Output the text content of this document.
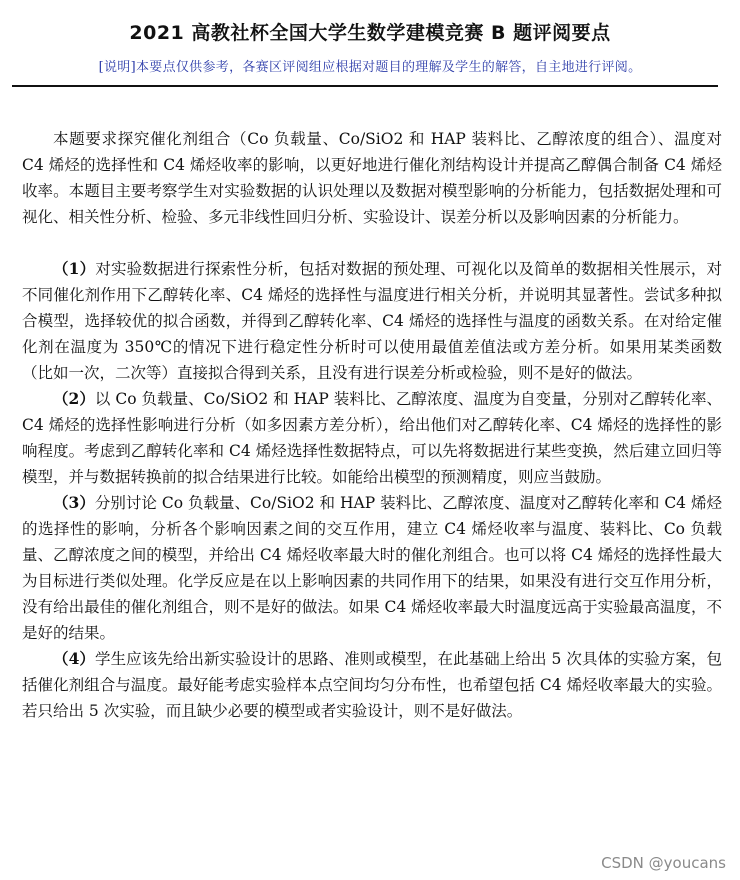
2021 高教社杯全国大学生数学建模竞赛 B 题评阅要点
[说明]本要点仅供参考，各赛区评阅组应根据对题目的理解及学生的解答，自主地进行评阅。

本题要求探究催化剂组合（Co 负载量、Co/SiO2 和 HAP 装料比、乙醇浓度的组合）、温度对 C4 烯烃的选择性和 C4 烯烃收率的影响，以更好地进行催化剂结构设计并提高乙醇偶合制备 C4 烯烃收率。本题目主要考察学生对实验数据的认识处理以及数据对模型影响的分析能力，包括数据处理和可视化、相关性分析、检验、多元非线性回归分析、实验设计、误差分析以及影响因素的分析能力。

（1）对实验数据进行探索性分析，包括对数据的预处理、可视化以及简单的数据相关性展示，对不同催化剂作用下乙醇转化率、C4 烯烃的选择性与温度进行相关分析，并说明其显著性。尝试多种拟合模型，选择较优的拟合函数，并得到乙醇转化率、C4 烯烃的选择性与温度的函数关系。在对给定催化剂在温度为 350℃的情况下进行稳定性分析时可以使用最值差值法或方差分析。如果用某类函数（比如一次，二次等）直接拟合得到关系，且没有进行误差分析或检验，则不是好的做法。

（2）以 Co 负载量、Co/SiO2 和 HAP 装料比、乙醇浓度、温度为自变量，分别对乙醇转化率、C4 烯烃的选择性影响进行分析（如多因素方差分析），给出他们对乙醇转化率、C4 烯烃的选择性的影响程度。考虑到乙醇转化率和 C4 烯烃选择性数据特点，可以先将数据进行某些变换，然后建立回归等模型，并与数据转换前的拟合结果进行比较。如能给出模型的预测精度，则应当鼓励。

（3）分别讨论 Co 负载量、Co/SiO2 和 HAP 装料比、乙醇浓度、温度对乙醇转化率和 C4 烯烃的选择性的影响，分析各个影响因素之间的交互作用，建立 C4 烯烃收率与温度、装料比、Co 负载量、乙醇浓度之间的模型，并给出 C4 烯烃收率最大时的催化剂组合。也可以将 C4 烯烃的选择性最大为目标进行类似处理。化学反应是在以上影响因素的共同作用下的结果，如果没有进行交互作用分析，没有给出最佳的催化剂组合，则不是好的做法。如果 C4 烯烃收率最大时温度远高于实验最高温度，不是好的结果。

（4）学生应该先给出新实验设计的思路、准则或模型，在此基础上给出 5 次具体的实验方案，包括催化剂组合与温度。最好能考虑实验样本点空间均匀分布性，也希望包括 C4 烯烃收率最大的实验。若只给出 5 次实验，而且缺少必要的模型或者实验设计，则不是好做法。

CSDN @youcans
